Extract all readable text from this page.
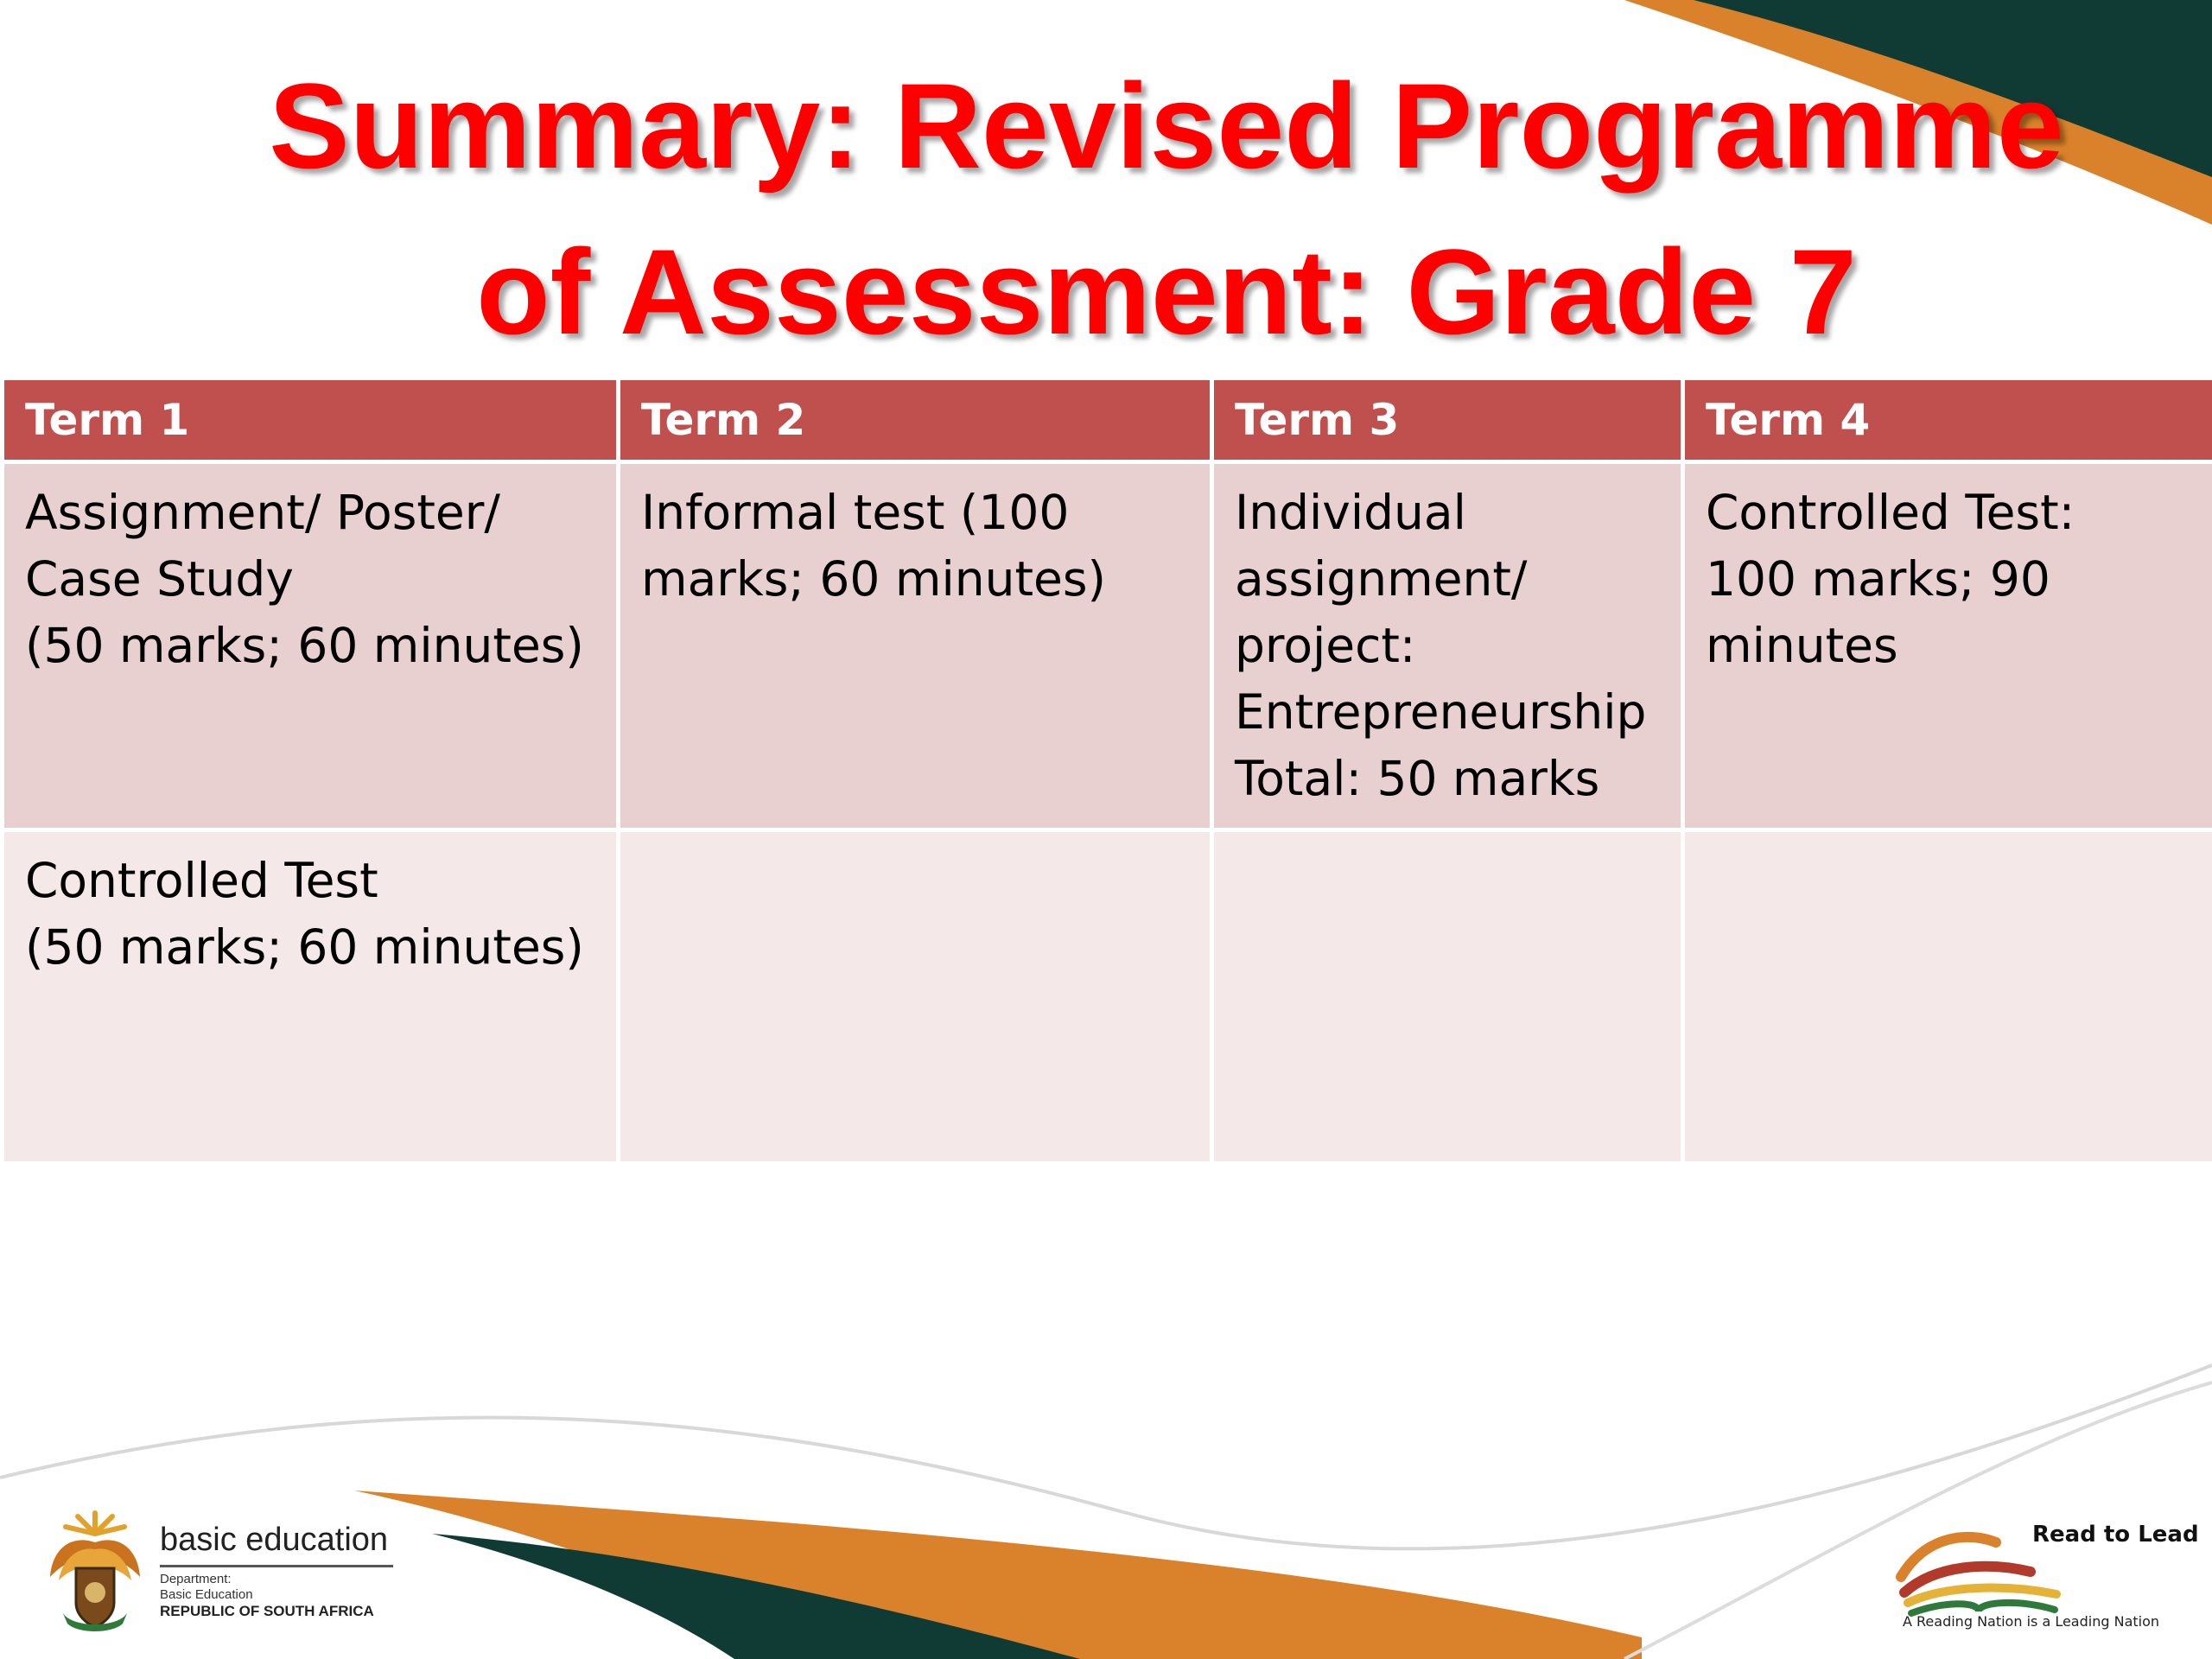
Summary: Revised Programme
of Assessment: Grade 7
Term 1	Term 2	Term 3	Term 4
Assignment/ Poster/
Case Study
(50 marks; 60 minutes)	Informal test (100
marks; 60 minutes)	Individual
assignment/
project:
Entrepreneurship
Total: 50 marks	Controlled Test:
100 marks; 90
minutes
Controlled Test
(50 marks; 60 minutes)			
basic education
Department:
Basic Education
REPUBLIC OF SOUTH AFRICA
Read to Lead
A Reading Nation is a Leading Nation
